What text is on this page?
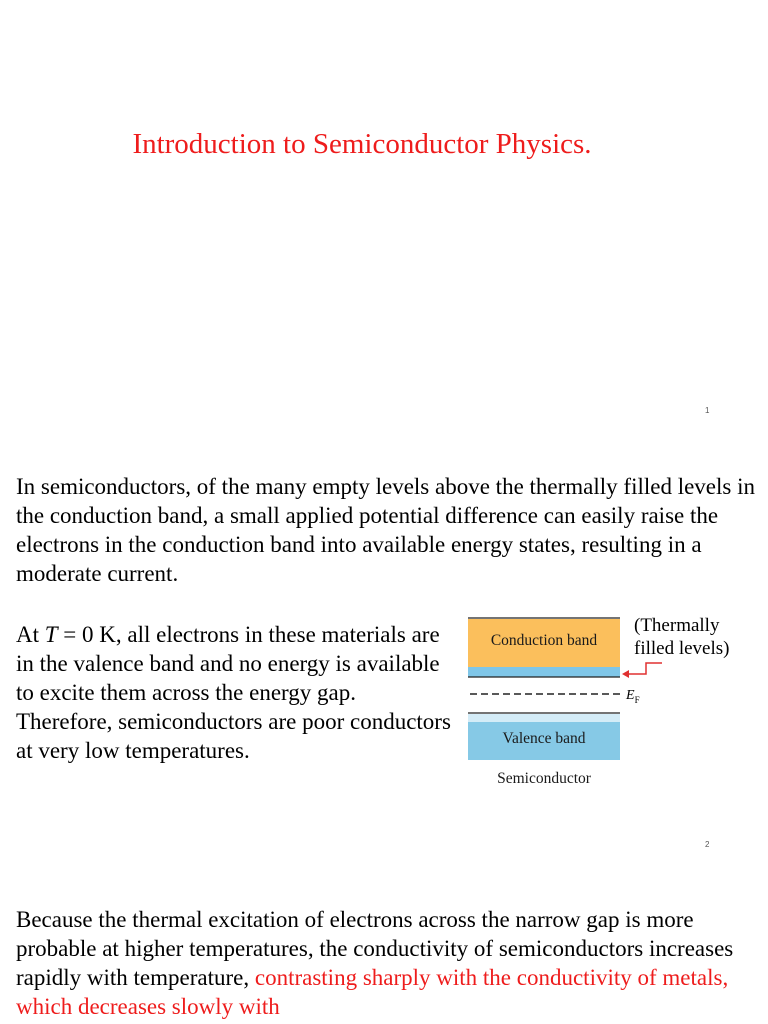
Introduction to Semiconductor Physics.
1

In semiconductors, of the many empty levels above the thermally filled levels in the conduction band, a small applied potential difference can easily raise the electrons in the conduction band into available energy states, resulting in a moderate current.

At T = 0 K, all electrons in these materials are in the valence band and no energy is available to excite them across the energy gap.
Therefore, semiconductors are poor conductors at very low temperatures.

Conduction band
Valence band
Semiconductor
(Thermally filled levels)
$E_F$
2

Because the thermal excitation of electrons across the narrow gap is more probable at higher temperatures, the conductivity of semiconductors increases rapidly with temperature, contrasting sharply with the conductivity of metals, which decreases slowly with
